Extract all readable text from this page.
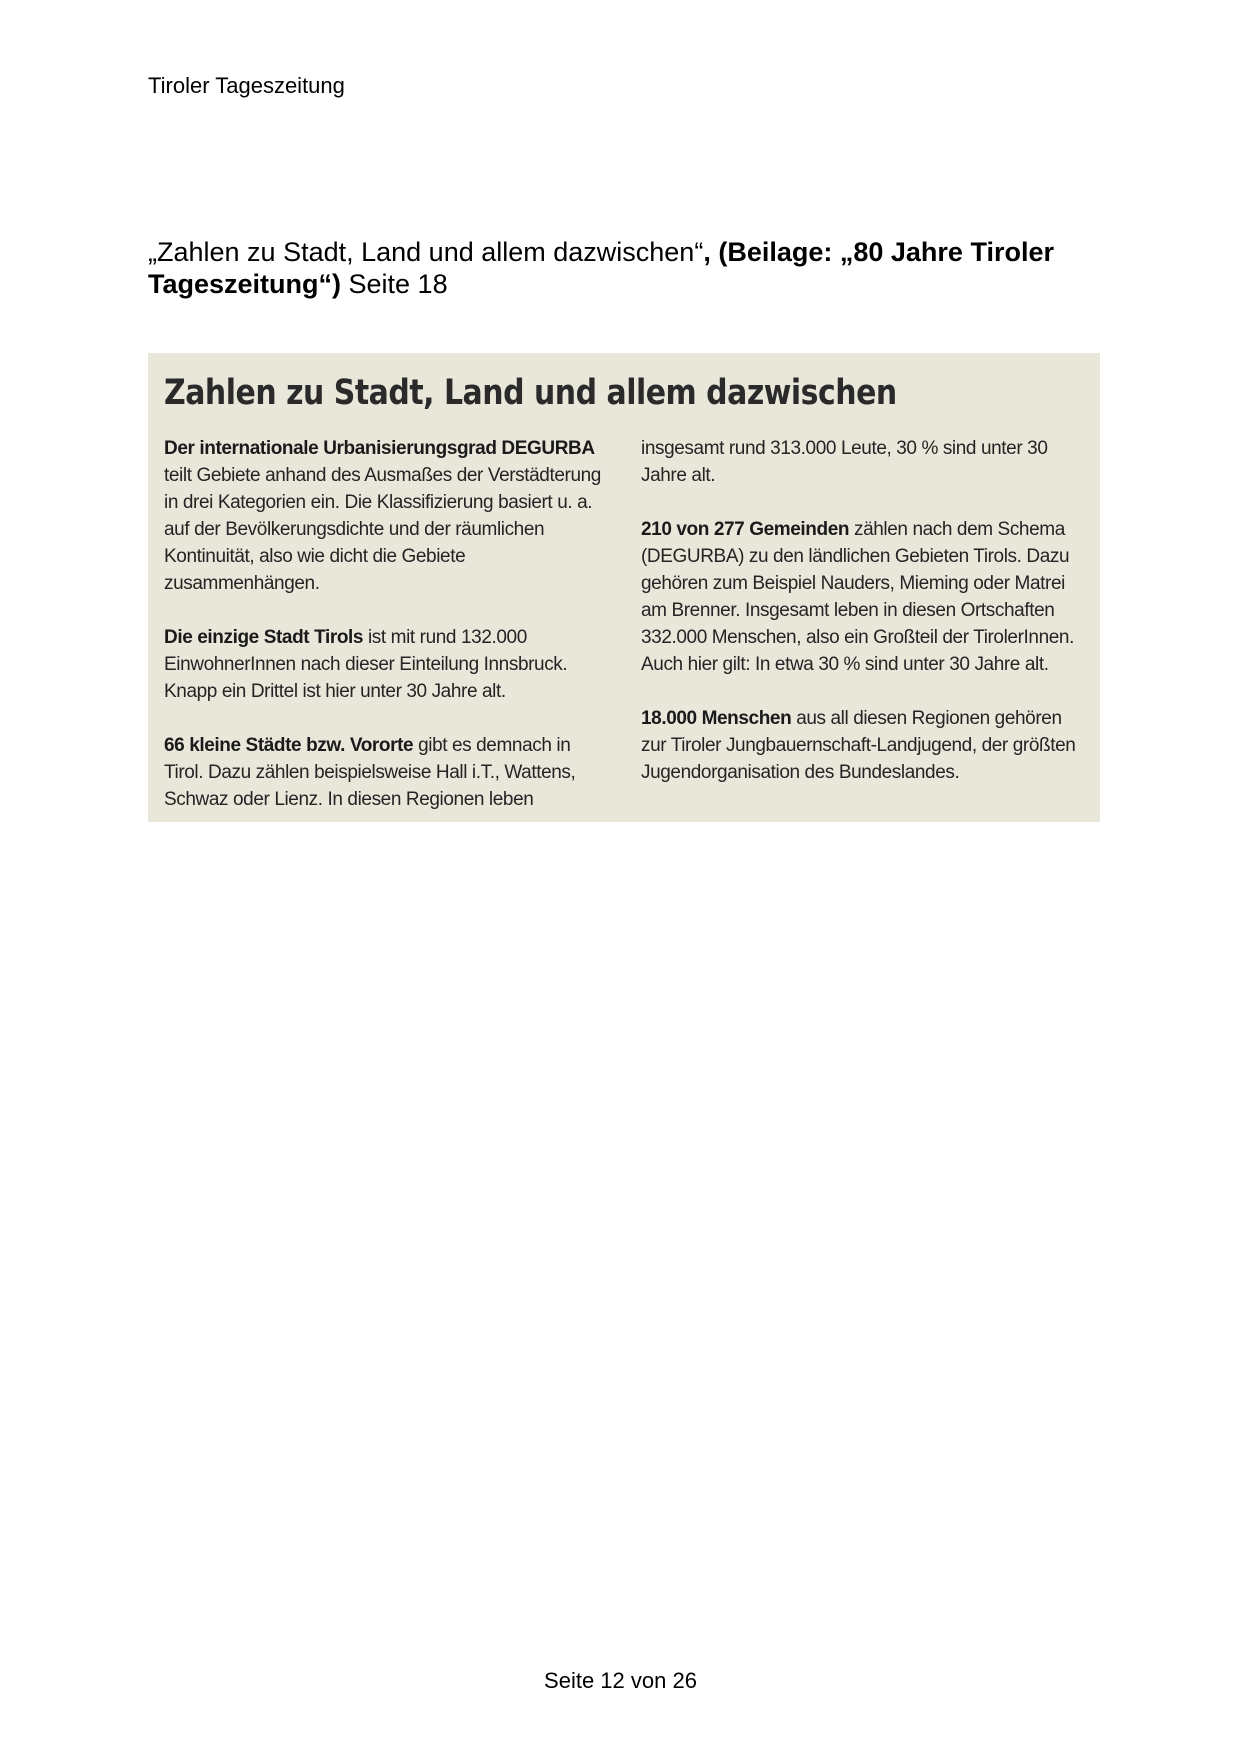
Tiroler Tageszeitung
„Zahlen zu Stadt, Land und allem dazwischen“, (Beilage: „80 Jahre Tiroler Tageszeitung“) Seite 18
Zahlen zu Stadt, Land und allem dazwischen

Der internationale Urbanisierungsgrad DEGURBA teilt Gebiete anhand des Ausmaßes der Verstädterung in drei Kategorien ein. Die Klassifizierung basiert u. a. auf der Bevölkerungsdichte und der räumlichen Kontinuität, also wie dicht die Gebiete zusammenhängen.

Die einzige Stadt Tirols ist mit rund 132.000 EinwohnerInnen nach dieser Einteilung Innsbruck. Knapp ein Drittel ist hier unter 30 Jahre alt.

66 kleine Städte bzw. Vororte gibt es demnach in Tirol. Dazu zählen beispielsweise Hall i.T., Wattens, Schwaz oder Lienz. In diesen Regionen leben

insgesamt rund 313.000 Leute, 30 % sind unter 30 Jahre alt.

210 von 277 Gemeinden zählen nach dem Schema (DEGURBA) zu den ländlichen Gebieten Tirols. Dazu gehören zum Beispiel Nauders, Mieming oder Matrei am Brenner. Insgesamt leben in diesen Ortschaften 332.000 Menschen, also ein Großteil der TirolerInnen. Auch hier gilt: In etwa 30 % sind unter 30 Jahre alt.

18.000 Menschen aus all diesen Regionen gehören zur Tiroler Jungbauernschaft-Landjugend, der größten Jugendorganisation des Bundeslandes.

Seite 12 von 26
